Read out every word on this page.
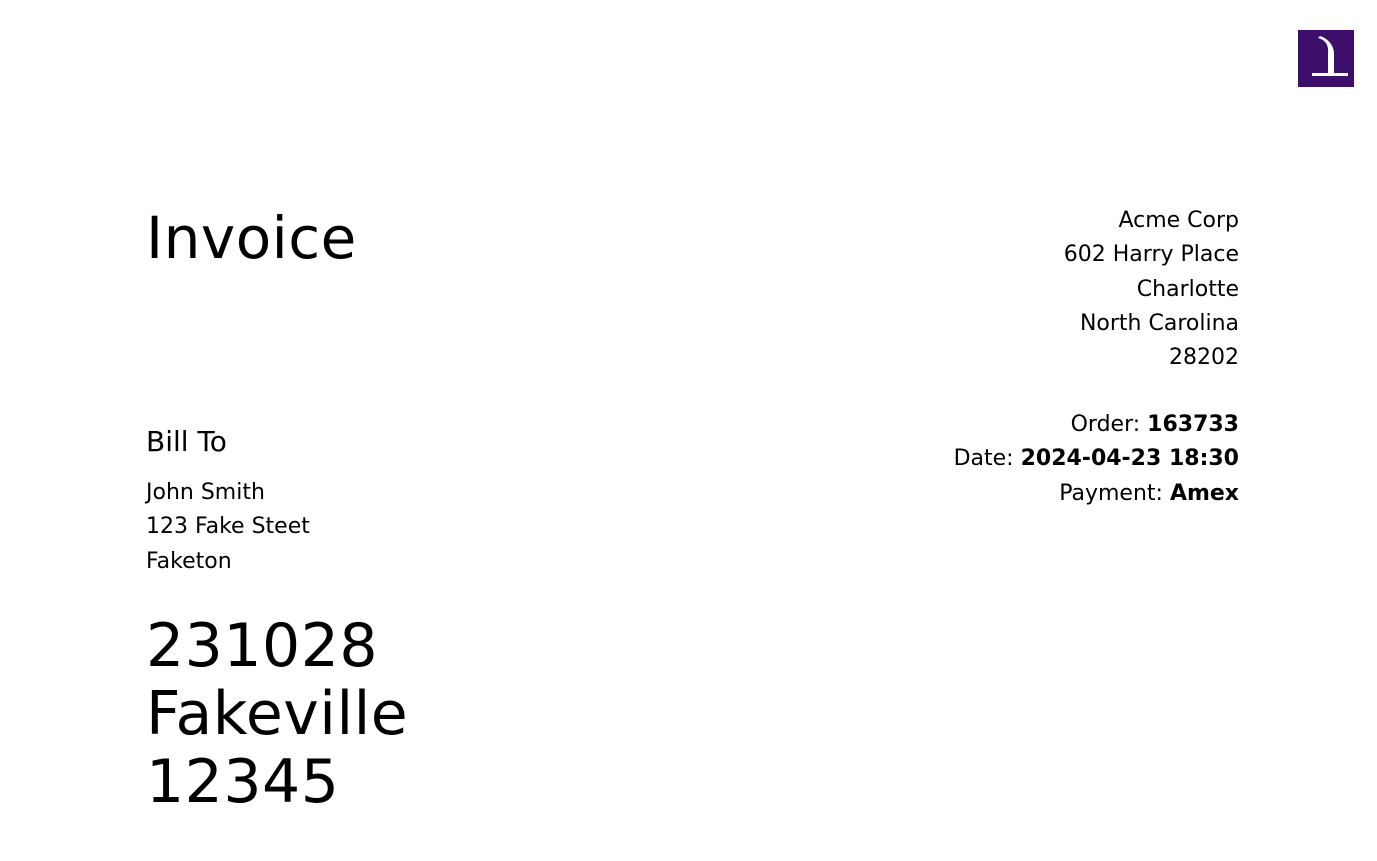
Invoice	Acme Corp
602 Harry Place
Charlotte
North Carolina
28202
Order: 163733
Date: 2024-04-23 18:30
Payment: Amex
Bill To
John Smith
123 Fake Steet
Faketon
231028
Fakeville
12345
